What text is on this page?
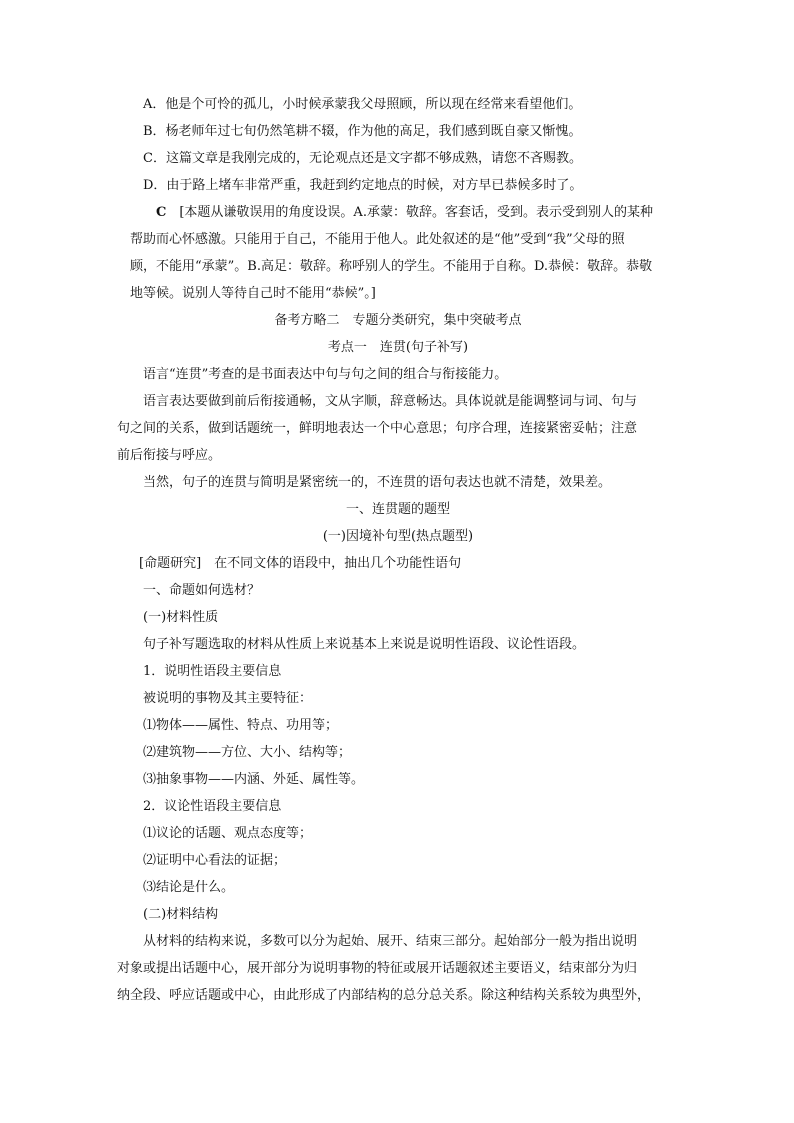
A．他是个可怜的孤儿，小时候承蒙我父母照顾，所以现在经常来看望他们。
B．杨老师年过七旬仍然笔耕不辍，作为他的高足，我们感到既自豪又惭愧。
C．这篇文章是我刚完成的，无论观点还是文字都不够成熟，请您不吝赐教。
D．由于路上堵车非常严重，我赶到约定地点的时候，对方早已恭候多时了。
C　[本题从谦敬误用的角度设误。A.承蒙：敬辞。客套话，受到。表示受到别人的某种
帮助而心怀感激。只能用于自己，不能用于他人。此处叙述的是“他”受到“我”父母的照
顾，不能用“承蒙”。B.高足：敬辞。称呼别人的学生。不能用于自称。D.恭候：敬辞。恭敬
地等候。说别人等待自己时不能用“恭候”。]
备考方略二　专题分类研究，集中突破考点
考点一　连贯(句子补写)
语言“连贯”考查的是书面表达中句与句之间的组合与衔接能力。
语言表达要做到前后衔接通畅，文从字顺，辞意畅达。具体说就是能调整词与词、句与
句之间的关系，做到话题统一，鲜明地表达一个中心意思；句序合理，连接紧密妥帖；注意
前后衔接与呼应。
当然，句子的连贯与简明是紧密统一的，不连贯的语句表达也就不清楚，效果差。
一、连贯题的题型
(一)因境补句型(热点题型)
[命题研究]　在不同文体的语段中，抽出几个功能性语句
一、命题如何选材？
(一)材料性质
句子补写题选取的材料从性质上来说基本上来说是说明性语段、议论性语段。
1．说明性语段主要信息
被说明的事物及其主要特征：
⑴物体——属性、特点、功用等；
⑵建筑物——方位、大小、结构等；
⑶抽象事物——内涵、外延、属性等。
2．议论性语段主要信息
⑴议论的话题、观点态度等；
⑵证明中心看法的证据；
⑶结论是什么。
(二)材料结构
从材料的结构来说，多数可以分为起始、展开、结束三部分。起始部分一般为指出说明
对象或提出话题中心，展开部分为说明事物的特征或展开话题叙述主要语义，结束部分为归
纳全段、呼应话题或中心，由此形成了内部结构的总分总关系。除这种结构关系较为典型外，
